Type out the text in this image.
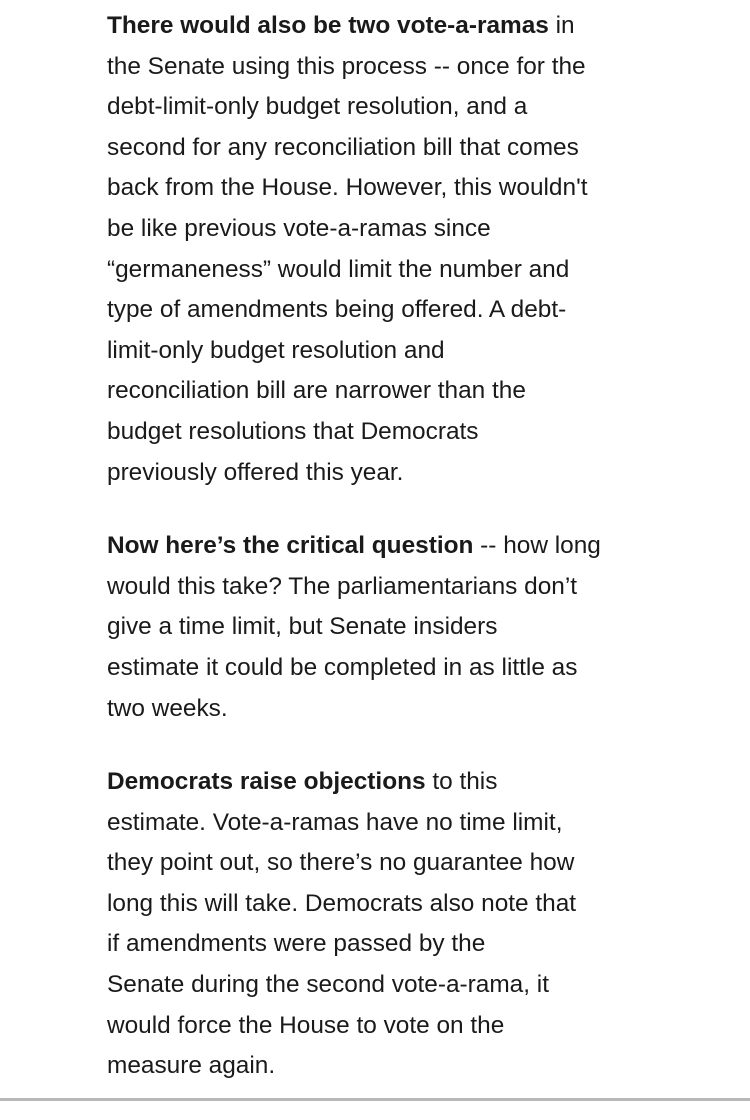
There would also be two vote-a-ramas in
the Senate using this process -- once for the
debt-limit-only budget resolution, and a
second for any reconciliation bill that comes
back from the House. However, this wouldn't
be like previous vote-a-ramas since
“germaneness” would limit the number and
type of amendments being offered. A debt-
limit-only budget resolution and
reconciliation bill are narrower than the
budget resolutions that Democrats
previously offered this year.

Now here’s the critical question -- how long
would this take? The parliamentarians don’t
give a time limit, but Senate insiders
estimate it could be completed in as little as
two weeks.

Democrats raise objections to this
estimate. Vote-a-ramas have no time limit,
they point out, so there’s no guarantee how
long this will take. Democrats also note that
if amendments were passed by the
Senate during the second vote-a-rama, it
would force the House to vote on the
measure again.
